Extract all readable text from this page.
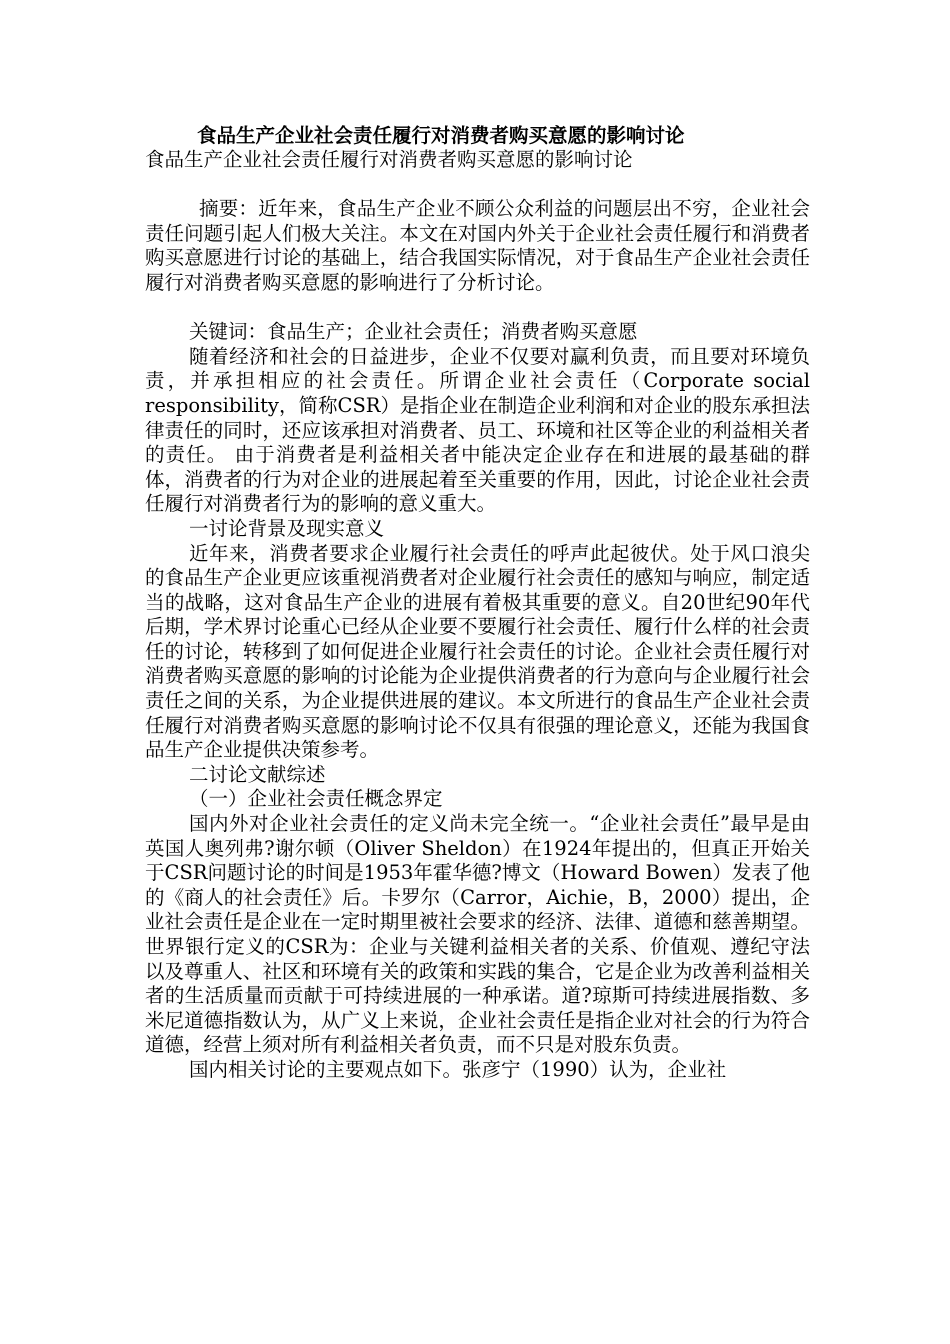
食品生产企业社会责任履行对消费者购买意愿的影响讨论

食品生产企业社会责任履行对消费者购买意愿的影响讨论

摘要：近年来，食品生产企业不顾公众利益的问题层出不穷，企业社会责任问题引起人们极大关注。本文在对国内外关于企业社会责任履行和消费者购买意愿进行讨论的基础上，结合我国实际情况，对于食品生产企业社会责任履行对消费者购买意愿的影响进行了分析讨论。

关键词：食品生产；企业社会责任；消费者购买意愿

随着经济和社会的日益进步，企业不仅要对赢利负责，而且要对环境负责，并承担相应的社会责任。所谓企业社会责任（Corporate social responsibility，简称CSR）是指企业在制造企业利润和对企业的股东承担法律责任的同时，还应该承担对消费者、员工、环境和社区等企业的利益相关者的责任。 由于消费者是利益相关者中能决定企业存在和进展的最基础的群体，消费者的行为对企业的进展起着至关重要的作用，因此，讨论企业社会责任履行对消费者行为的影响的意义重大。

一讨论背景及现实意义

近年来，消费者要求企业履行社会责任的呼声此起彼伏。处于风口浪尖的食品生产企业更应该重视消费者对企业履行社会责任的感知与响应，制定适当的战略，这对食品生产企业的进展有着极其重要的意义。自20世纪90年代后期，学术界讨论重心已经从企业要不要履行社会责任、履行什么样的社会责任的讨论，转移到了如何促进企业履行社会责任的讨论。企业社会责任履行对消费者购买意愿的影响的讨论能为企业提供消费者的行为意向与企业履行社会责任之间的关系，为企业提供进展的建议。本文所进行的食品生产企业社会责任履行对消费者购买意愿的影响讨论不仅具有很强的理论意义，还能为我国食品生产企业提供决策参考。

二讨论文献综述

（一）企业社会责任概念界定

国内外对企业社会责任的定义尚未完全统一。“企业社会责任”最早是由英国人奥列弗?谢尔顿（Oliver Sheldon）在1924年提出的，但真正开始关于CSR问题讨论的时间是1953年霍华德?博文（Howard Bowen）发表了他的《商人的社会责任》后。卡罗尔（Carror，Aichie，B，2000）提出，企业社会责任是企业在一定时期里被社会要求的经济、法律、道德和慈善期望。世界银行定义的CSR为：企业与关键利益相关者的关系、价值观、遵纪守法以及尊重人、社区和环境有关的政策和实践的集合，它是企业为改善利益相关者的生活质量而贡献于可持续进展的一种承诺。道?琼斯可持续进展指数、多米尼道德指数认为，从广义上来说，企业社会责任是指企业对社会的行为符合道德，经营上须对所有利益相关者负责，而不只是对股东负责。

国内相关讨论的主要观点如下。张彦宁（1990）认为，企业社
